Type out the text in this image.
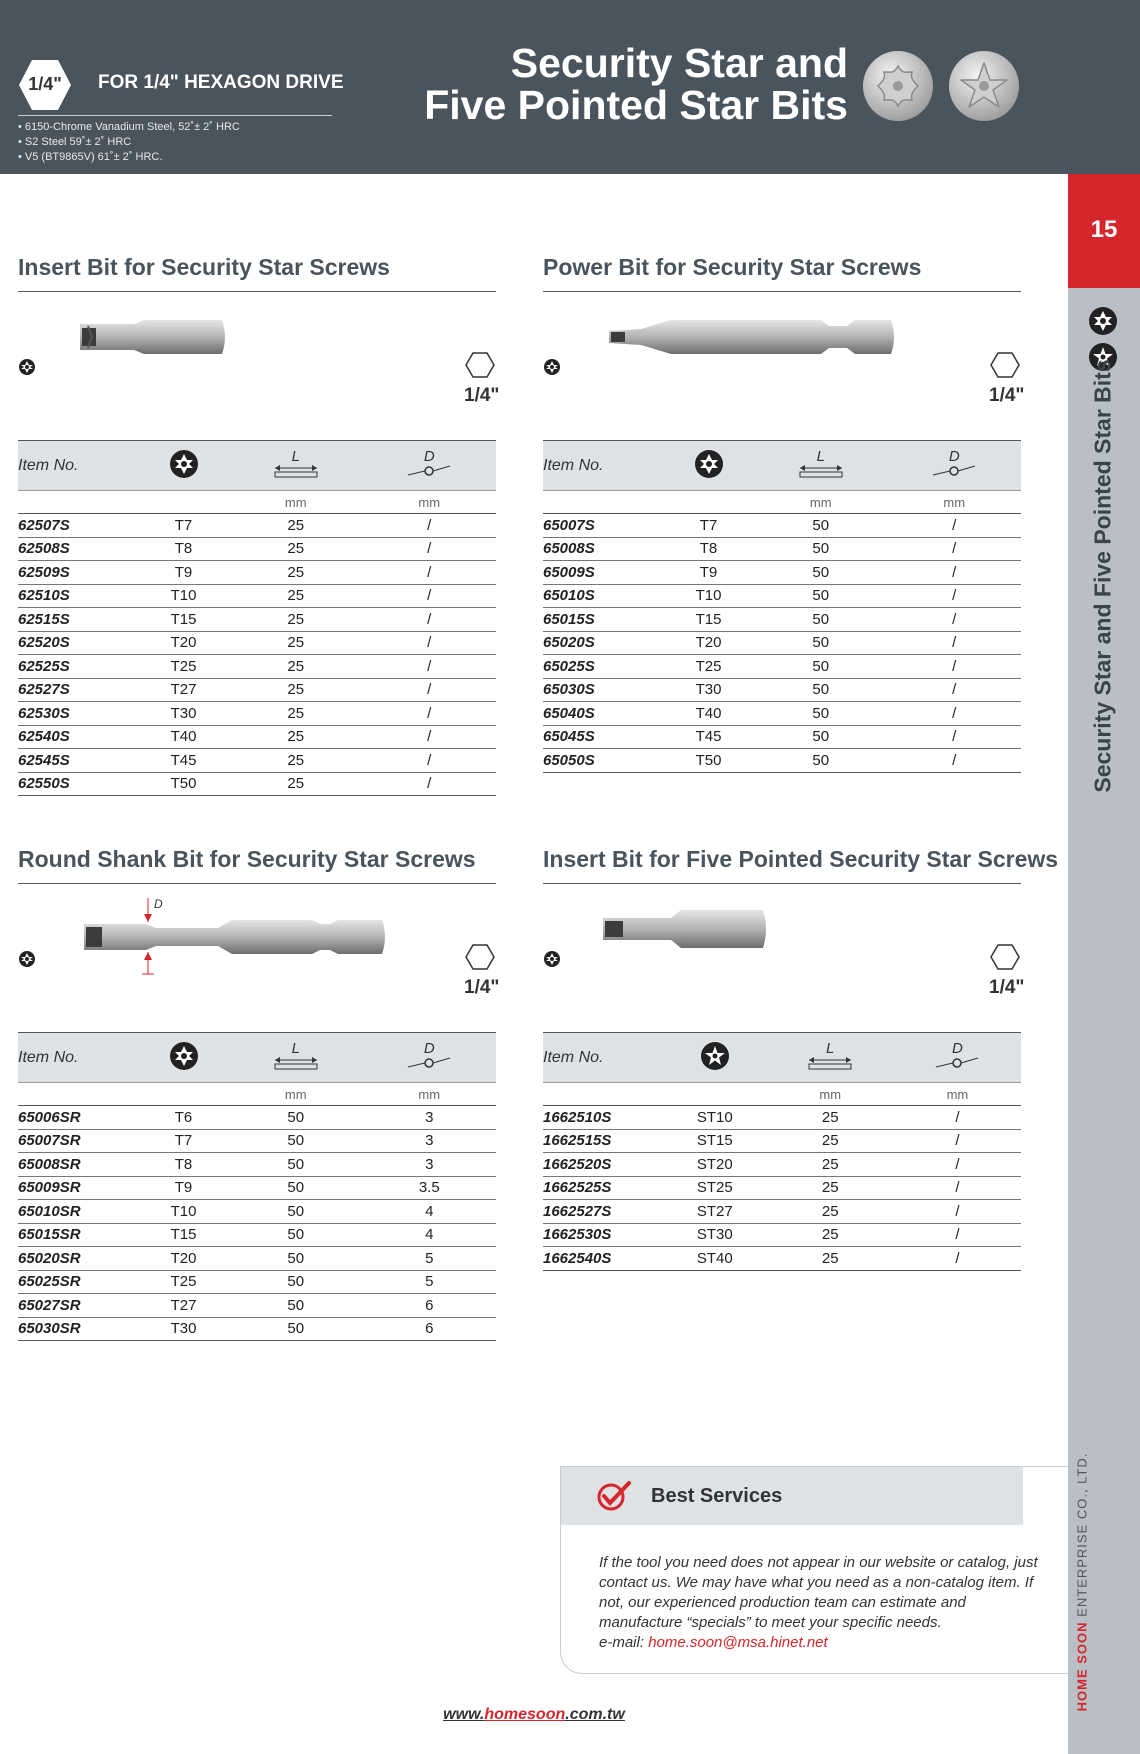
1/4"	FOR 1/4" HEXAGON DRIVE
• 6150-Chrome Vanadium Steel, 52˚± 2˚ HRC
• S2 Steel 59˚± 2˚ HRC
• V5 (BT9865V) 61˚± 2˚ HRC.
Security Star and
Five Pointed Star Bits
15
Security Star and Five Pointed Star Bits
HOME SOON ENTERPRISE CO., LTD.
Insert Bit for Security Star Screws
1/4"
Item No.		L	D

		mm	mm
62507S	T7	25	/
62508S	T8	25	/
62509S	T9	25	/
62510S	T10	25	/
62515S	T15	25	/
62520S	T20	25	/
62525S	T25	25	/
62527S	T27	25	/
62530S	T30	25	/
62540S	T40	25	/
62545S	T45	25	/
62550S	T50	25	/
Power Bit for Security Star Screws
1/4"
Item No.		L	D

		mm	mm
65007S	T7	50	/
65008S	T8	50	/
65009S	T9	50	/
65010S	T10	50	/
65015S	T15	50	/
65020S	T20	50	/
65025S	T25	50	/
65030S	T30	50	/
65040S	T40	50	/
65045S	T45	50	/
65050S	T50	50	/
Round Shank Bit for Security Star Screws
D
1/4"
Item No.		L	D

		mm	mm
65006SR	T6	50	3
65007SR	T7	50	3
65008SR	T8	50	3
65009SR	T9	50	3.5
65010SR	T10	50	4
65015SR	T15	50	4
65020SR	T20	50	5
65025SR	T25	50	5
65027SR	T27	50	6
65030SR	T30	50	6
Insert Bit for Five Pointed Security Star Screws
1/4"
Item No.		L	D

		mm	mm
1662510S	ST10	25	/
1662515S	ST15	25	/
1662520S	ST20	25	/
1662525S	ST25	25	/
1662527S	ST27	25	/
1662530S	ST30	25	/
1662540S	ST40	25	/
Best Services
If the tool you need does not appear in our website or catalog, just contact us. We may have what you need as a non-catalog item. If not, our experienced production team can estimate and manufacture “specials” to meet your specific needs.
e-mail: home.soon@msa.hinet.net
www.homesoon.com.tw
